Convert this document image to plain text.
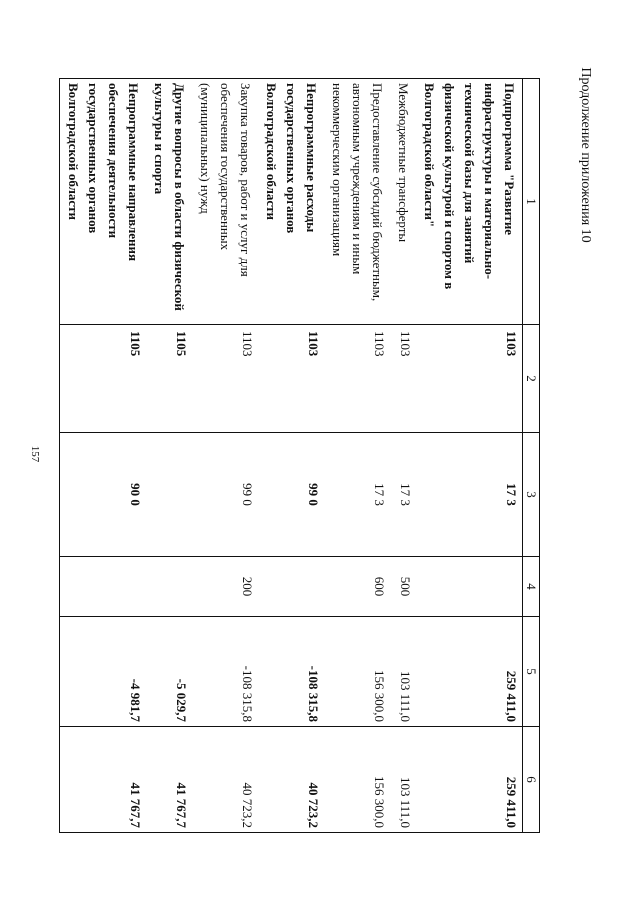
157
Продолжение приложения 10
1	2	3	4	5	6
Подпрограмма "Развитие инфраструктуры и материально-технической базы для занятий физической культурой и спортом в Волгоградской области"	1103	17 3		259 411,0	259 411,0
Межбюджетные трансферты	1103	17 3	500	103 111,0	103 111,0
Предоставление субсидий бюджетным, автономным учреждениям и иным некоммерческим организациям	1103	17 3	600	156 300,0	156 300,0
Непрограммные расходы государственных органов Волгоградской области	1103	99 0		-108 315,8	40 723,2
Закупка товаров, работ и услуг для обеспечения государственных (муниципальных) нужд	1103	99 0	200	-108 315,8	40 723,2
Другие вопросы в области физической культуры и спорта	1105			-5 029,7	41 767,7
Непрограммные направления обеспечения деятельности государственных органов Волгоградской области	1105	90 0		-4 981,7	41 767,7
